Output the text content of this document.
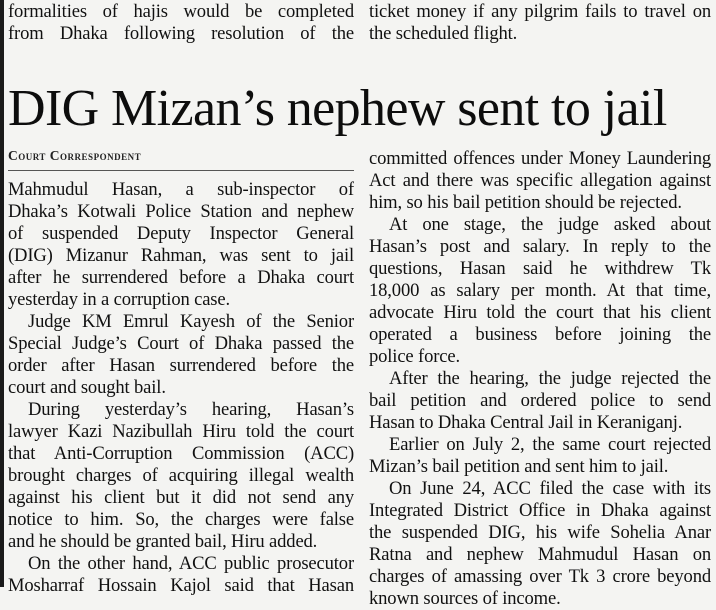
formalities of hajis would be completed
from Dhaka following resolution of the
ticket money if any pilgrim fails to travel on
the scheduled flight.
DIG Mizan’s nephew sent to jail
Court Correspondent
Mahmudul Hasan, a sub-inspector of
Dhaka’s Kotwali Police Station and nephew
of suspended Deputy Inspector General
(DIG) Mizanur Rahman, was sent to jail
after he surrendered before a Dhaka court
yesterday in a corruption case.
Judge KM Emrul Kayesh of the Senior
Special Judge’s Court of Dhaka passed the
order after Hasan surrendered before the
court and sought bail.
During yesterday’s hearing, Hasan’s
lawyer Kazi Nazibullah Hiru told the court
that Anti-Corruption Commission (ACC)
brought charges of acquiring illegal wealth
against his client but it did not send any
notice to him. So, the charges were false
and he should be granted bail, Hiru added.
On the other hand, ACC public prosecutor
Mosharraf Hossain Kajol said that Hasan
committed offences under Money Laundering
Act and there was specific allegation against
him, so his bail petition should be rejected.
At one stage, the judge asked about
Hasan’s post and salary. In reply to the
questions, Hasan said he withdrew Tk
18,000 as salary per month. At that time,
advocate Hiru told the court that his client
operated a business before joining the
police force.
After the hearing, the judge rejected the
bail petition and ordered police to send
Hasan to Dhaka Central Jail in Keraniganj.
Earlier on July 2, the same court rejected
Mizan’s bail petition and sent him to jail.
On June 24, ACC filed the case with its
Integrated District Office in Dhaka against
the suspended DIG, his wife Sohelia Anar
Ratna and nephew Mahmudul Hasan on
charges of amassing over Tk 3 crore beyond
known sources of income.
